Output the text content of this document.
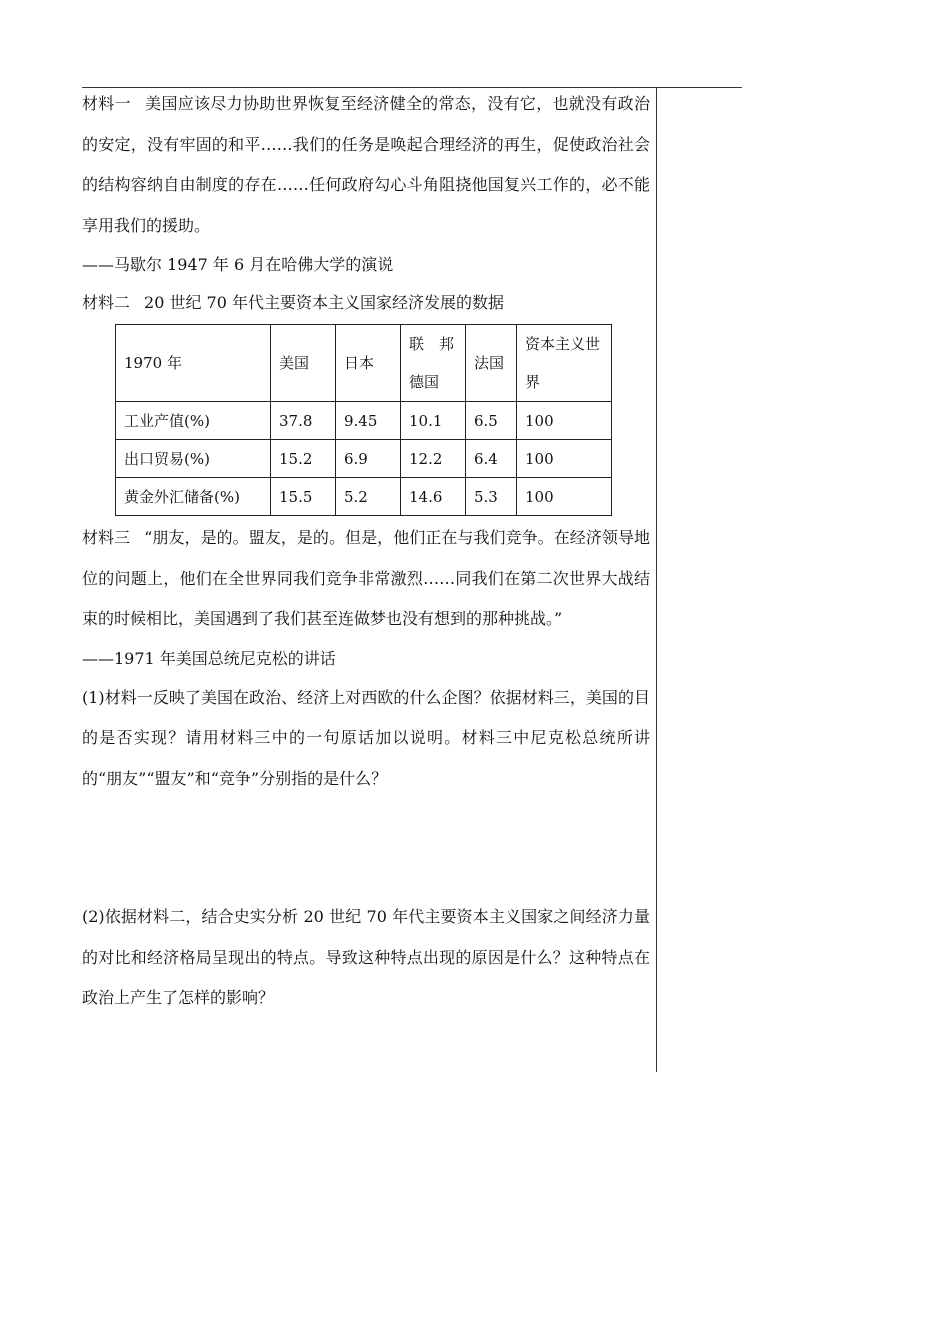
材料一 美国应该尽力协助世界恢复至经济健全的常态，没有它，也就没有政治的安定，没有牢固的和平……我们的任务是唤起合理经济的再生，促使政治社会的结构容纳自由制度的存在……任何政府勾心斗角阻挠他国复兴工作的，必不能享用我们的援助。

——马歇尔 1947 年 6 月在哈佛大学的演说

材料二 20 世纪 70 年代主要资本主义国家经济发展的数据

1970 年	美国	日本	联　邦德国	法国	资本主义世界
工业产值(%)	37.8	9.45	10.1	6.5	100
出口贸易(%)	15.2	6.9	12.2	6.4	100
黄金外汇储备(%)	15.5	5.2	14.6	5.3	100

材料三 “朋友，是的。盟友，是的。但是，他们正在与我们竞争。在经济领导地位的问题上，他们在全世界同我们竞争非常激烈……同我们在第二次世界大战结束的时候相比，美国遇到了我们甚至连做梦也没有想到的那种挑战。”

——1971 年美国总统尼克松的讲话

(1)材料一反映了美国在政治、经济上对西欧的什么企图？依据材料三，美国的目的是否实现？请用材料三中的一句原话加以说明。材料三中尼克松总统所讲的“朋友”“盟友”和“竞争”分别指的是什么？

(2)依据材料二，结合史实分析 20 世纪 70 年代主要资本主义国家之间经济力量的对比和经济格局呈现出的特点。导致这种特点出现的原因是什么？这种特点在政治上产生了怎样的影响？
